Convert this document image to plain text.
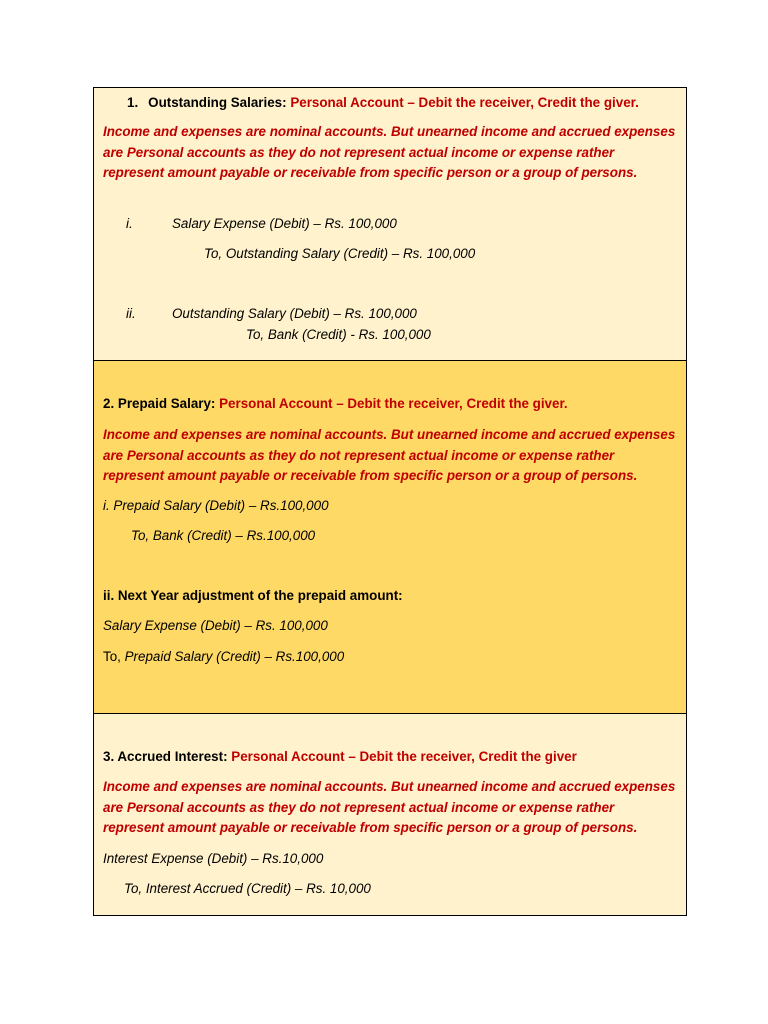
1. Outstanding Salaries: Personal Account – Debit the receiver, Credit the giver.
Income and expenses are nominal accounts. But unearned income and accrued expenses are Personal accounts as they do not represent actual income or expense rather represent amount payable or receivable from specific person or a group of persons.
i.	Salary Expense (Debit) – Rs. 100,000
To, Outstanding Salary (Credit) – Rs. 100,000
ii.	Outstanding Salary (Debit) – Rs. 100,000
To, Bank (Credit) - Rs. 100,000
2. Prepaid Salary: Personal Account – Debit the receiver, Credit the giver.
Income and expenses are nominal accounts. But unearned income and accrued expenses are Personal accounts as they do not represent actual income or expense rather represent amount payable or receivable from specific person or a group of persons.
i. Prepaid Salary (Debit) – Rs.100,000
To, Bank (Credit) – Rs.100,000
ii. Next Year adjustment of the prepaid amount:
Salary Expense (Debit) – Rs. 100,000
To, Prepaid Salary (Credit) – Rs.100,000
3. Accrued Interest: Personal Account – Debit the receiver, Credit the giver
Income and expenses are nominal accounts. But unearned income and accrued expenses are Personal accounts as they do not represent actual income or expense rather represent amount payable or receivable from specific person or a group of persons.
Interest Expense (Debit) – Rs.10,000
To, Interest Accrued (Credit) – Rs. 10,000
